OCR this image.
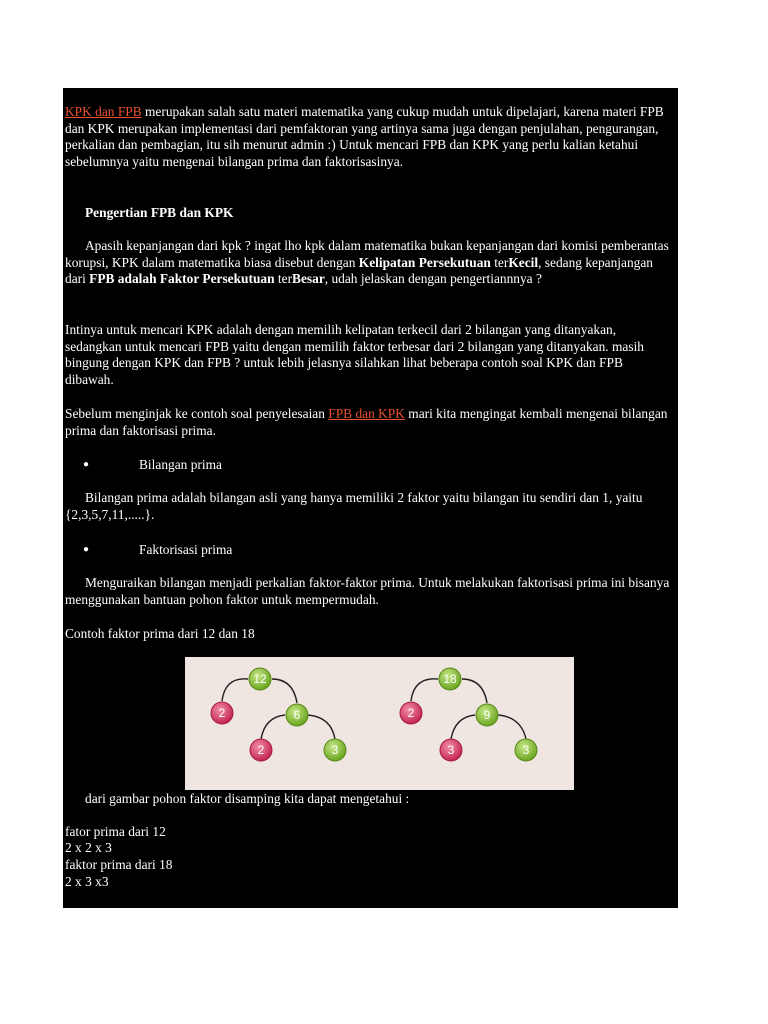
KPK dan FPB merupakan salah satu materi matematika yang cukup mudah untuk dipelajari, karena materi FPB dan KPK merupakan implementasi dari pemfaktoran yang artinya sama juga dengan penjulahan, pengurangan, perkalian dan pembagian, itu sih menurut admin :) Untuk mencari FPB dan KPK yang perlu kalian ketahui sebelumnya yaitu mengenai bilangan prima dan faktorisasinya.

Pengertian FPB dan KPK

Apasih kepanjangan dari kpk ? ingat lho kpk dalam matematika bukan kepanjangan dari komisi pemberantas korupsi, KPK dalam matematika biasa disebut dengan Kelipatan Persekutuan terKecil, sedang kepanjangan dari FPB adalah Faktor Persekutuan terBesar, udah jelaskan dengan pengertiannnya ?

Intinya untuk mencari KPK adalah dengan memilih kelipatan terkecil dari 2 bilangan yang ditanyakan, sedangkan untuk mencari FPB yaitu dengan memilih faktor terbesar dari 2 bilangan yang ditanyakan. masih bingung dengan KPK dan FPB ? untuk lebih jelasnya silahkan lihat beberapa contoh soal KPK dan FPB dibawah.

Sebelum menginjak ke contoh soal penyelesaian FPB dan KPK mari kita mengingat kembali mengenai bilangan prima dan faktorisasi prima.

●	Bilangan prima

Bilangan prima adalah bilangan asli yang hanya memiliki 2 faktor yaitu bilangan itu sendiri dan 1, yaitu {2,3,5,7,11,.....}.

●	Faktorisasi prima

Menguraikan bilangan menjadi perkalian faktor-faktor prima. Untuk melakukan faktorisasi prima ini bisanya menggunakan bantuan pohon faktor untuk mempermudah.

Contoh faktor prima dari 12 dan 18

12
2	6
2	3
18
2	9
3	3

dari gambar pohon faktor disamping kita dapat mengetahui :

fator prima dari 12
2 x 2 x 3
faktor prima dari 18
2 x 3 x3
